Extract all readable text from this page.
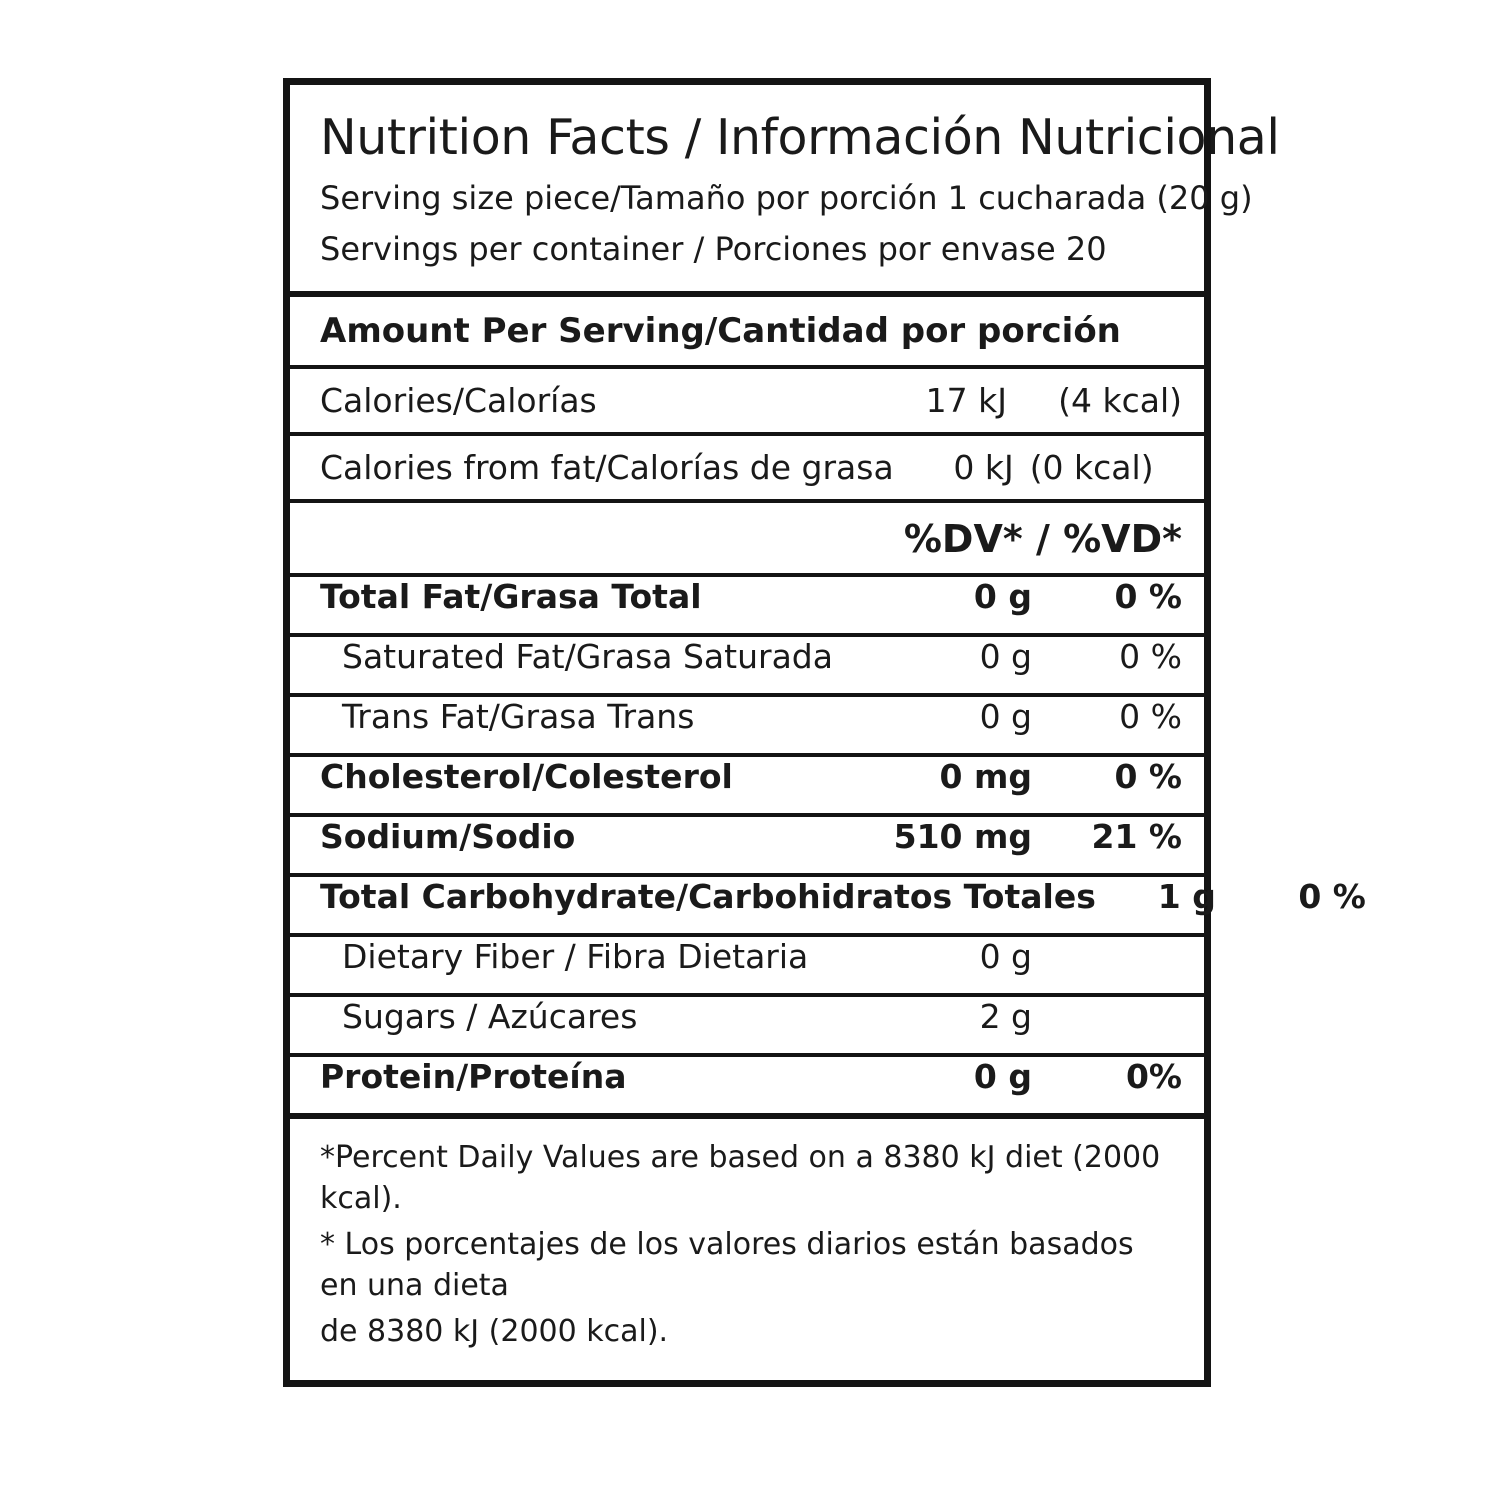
Nutrition Facts / Información Nutricional
Serving size piece/Tamaño por porción 1 cucharada (20 g)
Servings per container / Porciones por envase 20
Amount Per Serving/Cantidad por porción
Calories/Calorías	17 kJ	(4 kcal)
Calories from fat/Calorías de grasa	0 kJ (0 kcal)
%DV* / %VD*
Total Fat/Grasa Total	0 g	0 %
Saturated Fat/Grasa Saturada	0 g	0 %
Trans Fat/Grasa Trans	0 g	0 %
Cholesterol/Colesterol	0 mg	0 %
Sodium/Sodio	510 mg	21 %
Total Carbohydrate/Carbohidratos Totales	1 g	0 %
Dietary Fiber / Fibra Dietaria	0 g
Sugars / Azúcares	2 g
Protein/Proteína	0 g	0%

*Percent Daily Values are based on a 8380 kJ diet (2000 kcal).

* Los porcentajes de los valores diarios están basados en una dieta

de 8380 kJ (2000 kcal).
